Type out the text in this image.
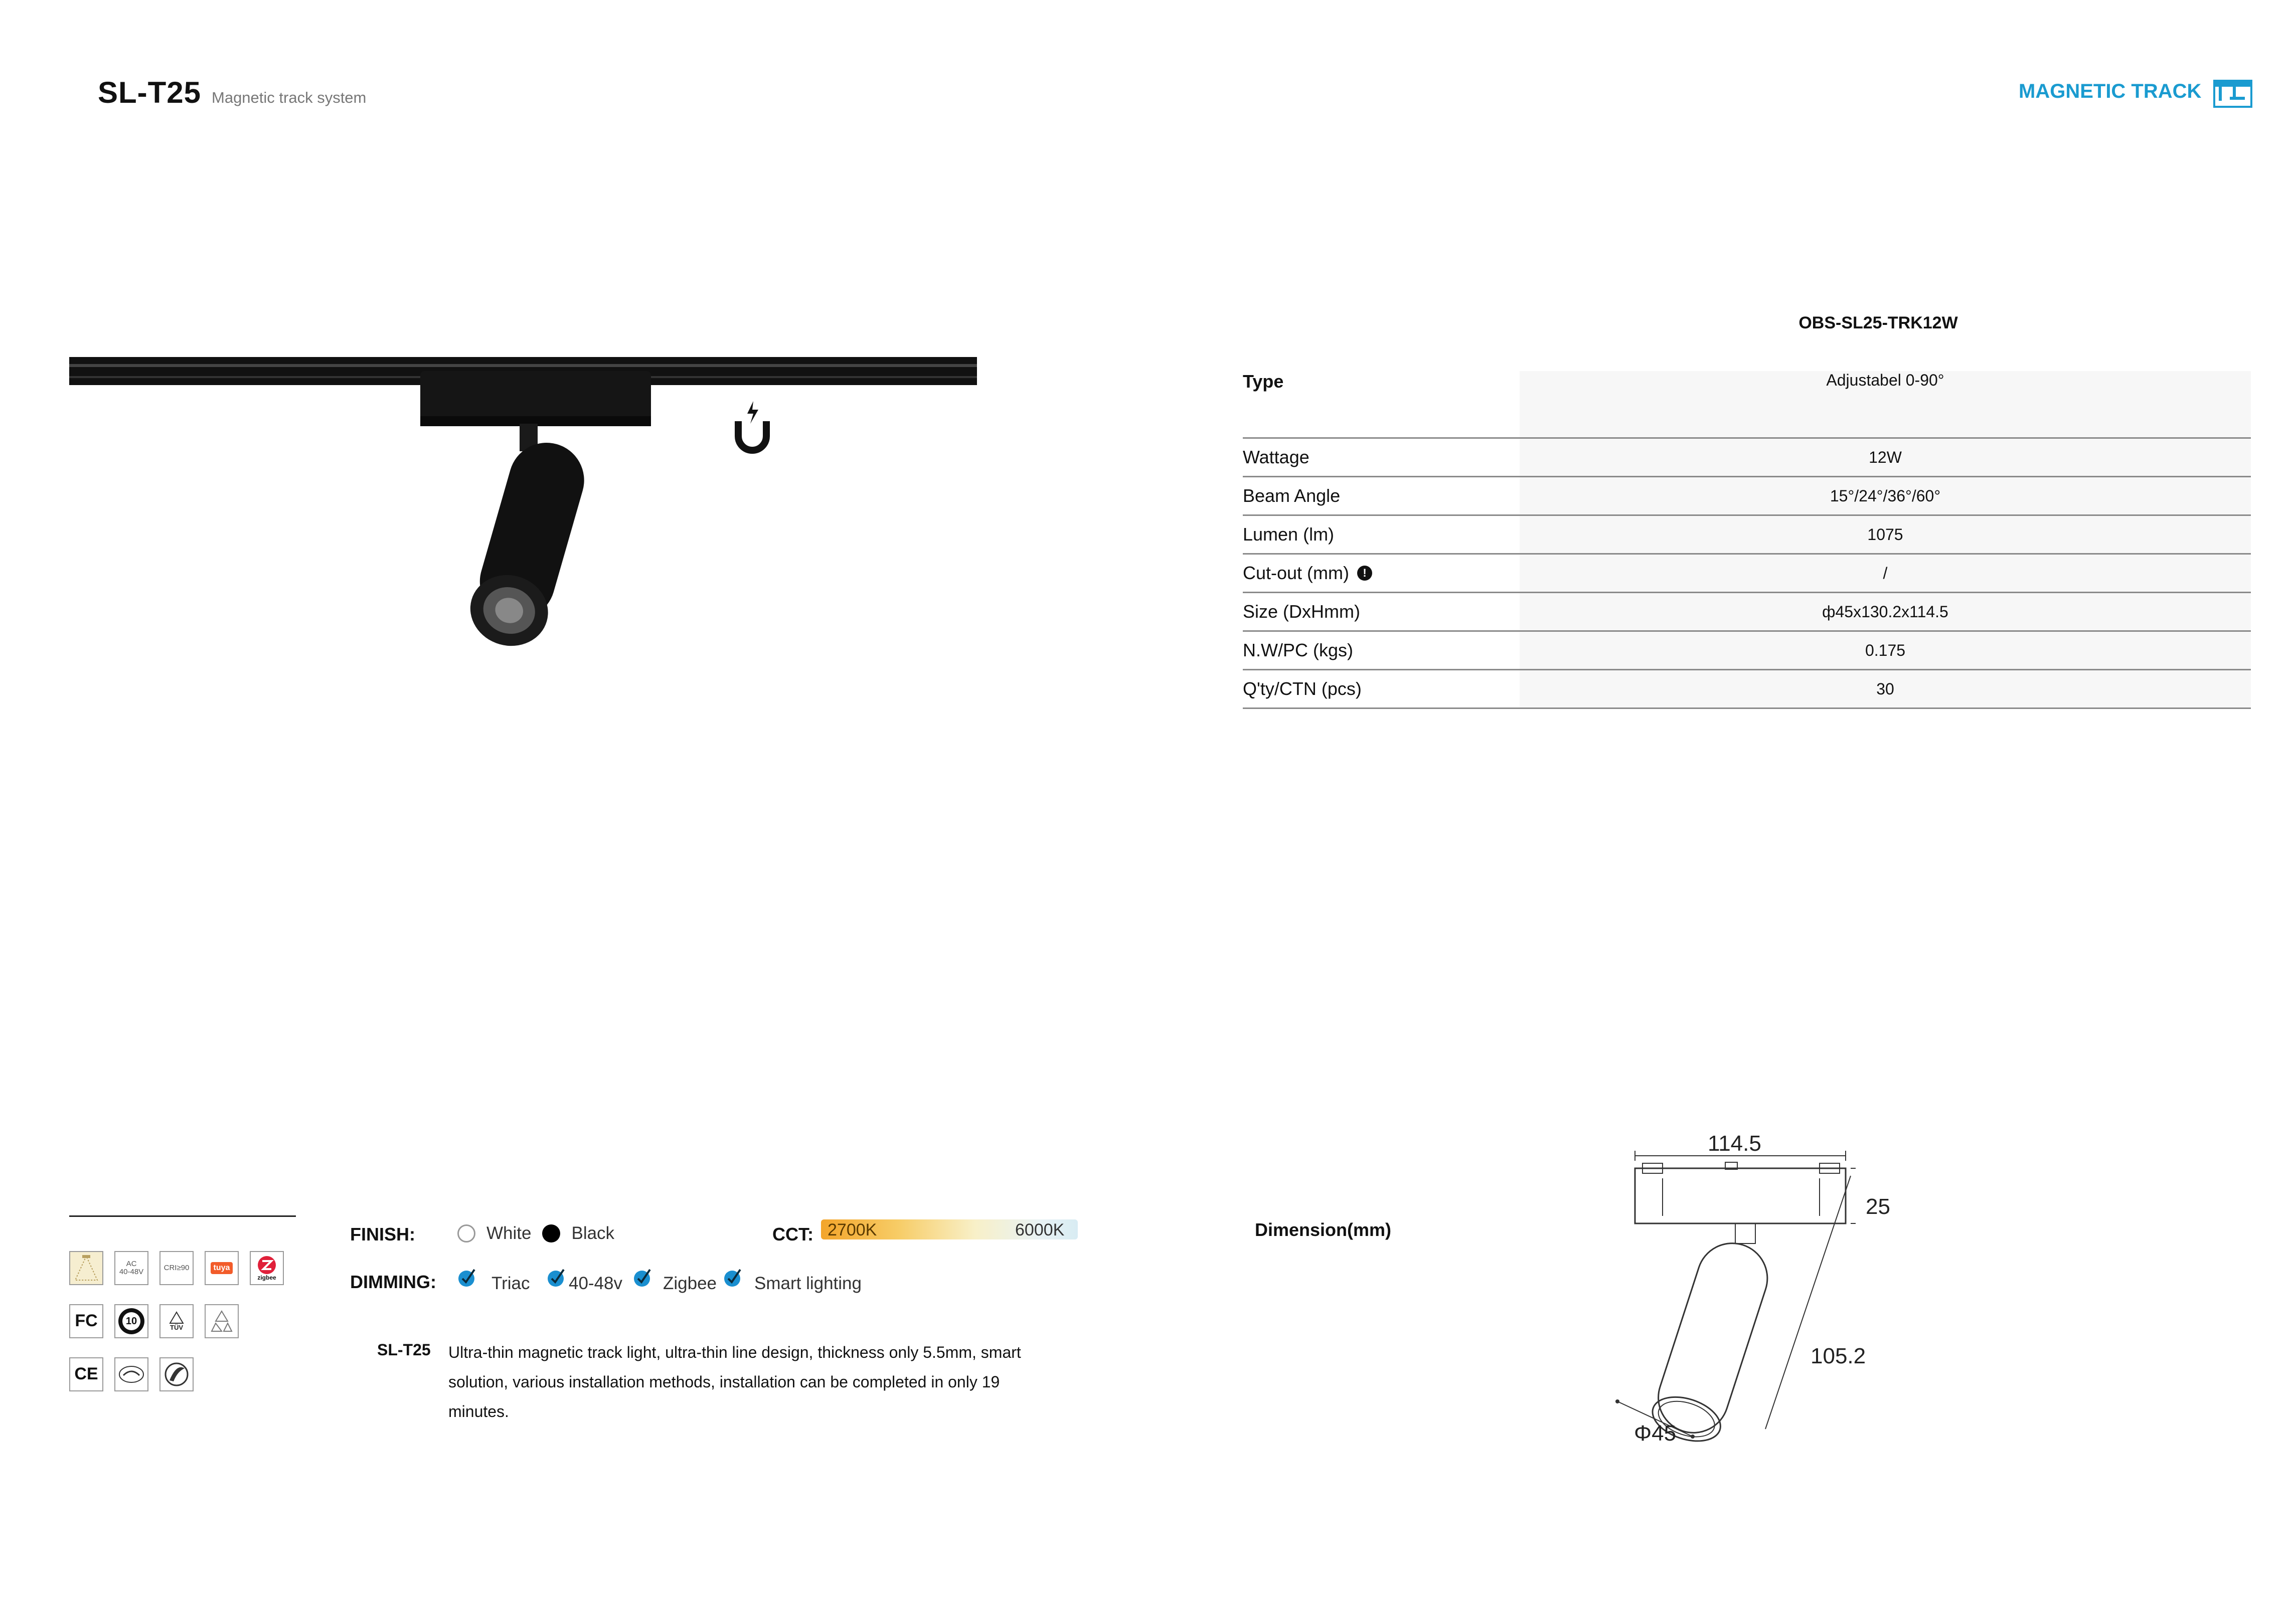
SL-T25 Magnetic track system	MAGNETIC TRACK
OBS-SL25-TRK12W
Type	Adjustabel 0-90°
Wattage	12W
Beam Angle	15°/24°/36°/60°
Lumen (lm)	1075
Cut-out (mm)	!	/
Size (DxHmm)	ф45x130.2x114.5
N.W/PC (kgs)	0.175
Q'ty/CTN (pcs)	30
AC
40-48V	CRI≥90	tuya
zigbee
FC	10
TÜV
CE
FINISH:	White Black	CCT: 2700K	6000K
DIMMING:	Triac 40-48v Zigbee Smart lighting
SL-T25 Ultra-thin magnetic track light, ultra-thin line design, thickness only 5.5mm, smart solution, various installation methods, installation can be completed in only 19 minutes.
Dimension(mm)
114.5
25
105.2
Φ45
